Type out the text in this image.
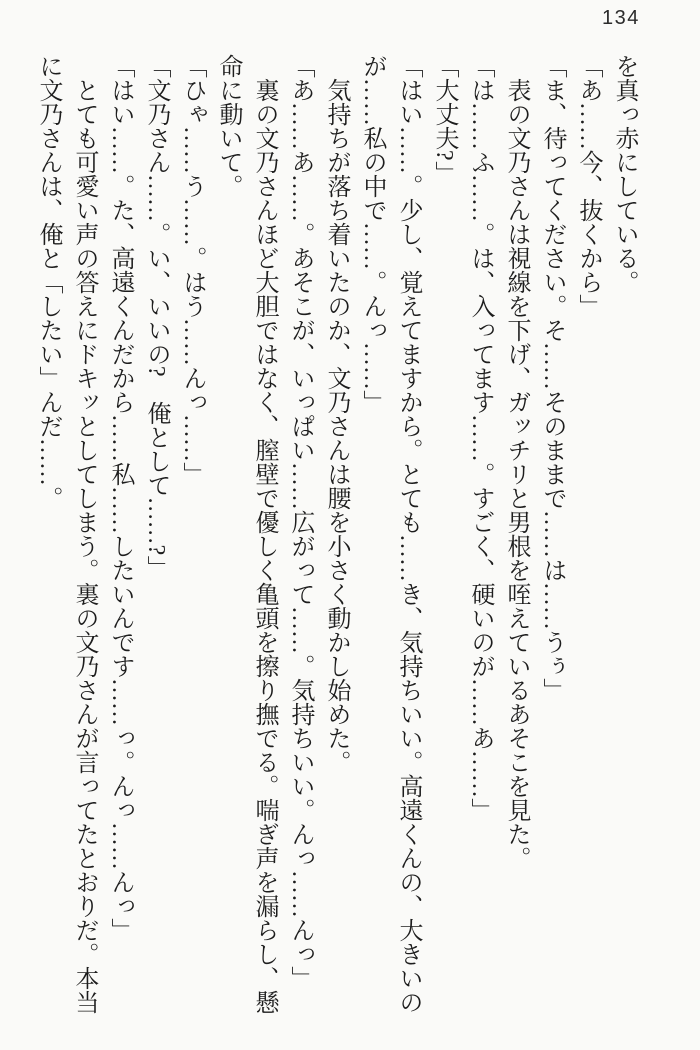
134

を真っ赤にしている。

「あ……今、抜くから」

「ま、待ってください。そ……そのままで……は……うぅ」

表の文乃さんは視線を下げ、ガッチリと男根を咥えているあそこを見た。

「は……ふ……。は、入ってます……。すごく、硬いのが……あ……」

「大丈夫?」

「はい……。少し、覚えてますから。とても……き、気持ちいい。高遠くんの、大きいの

が……私の中で……。んっ……」

気持ちが落ち着いたのか、文乃さんは腰を小さく動かし始めた。

「あ……あ……。あそこが、いっぱい……広がって……。気持ちいい。んっ……んっ」

裏の文乃さんほど大胆ではなく、膣壁で優しく亀頭を擦り撫でる。喘ぎ声を漏らし、懸

命に動いて。

「ひゃ……う……。はう……んっ……」

「文乃さん……。い、いいの?　俺として……?」

「はい……。た、高遠くんだから……私……したいんです……っ。んっ……んっ」

とても可愛い声の答えにドキッとしてしまう。裏の文乃さんが言ってたとおりだ。本当

に文乃さんは、俺と「したい」んだ……。
